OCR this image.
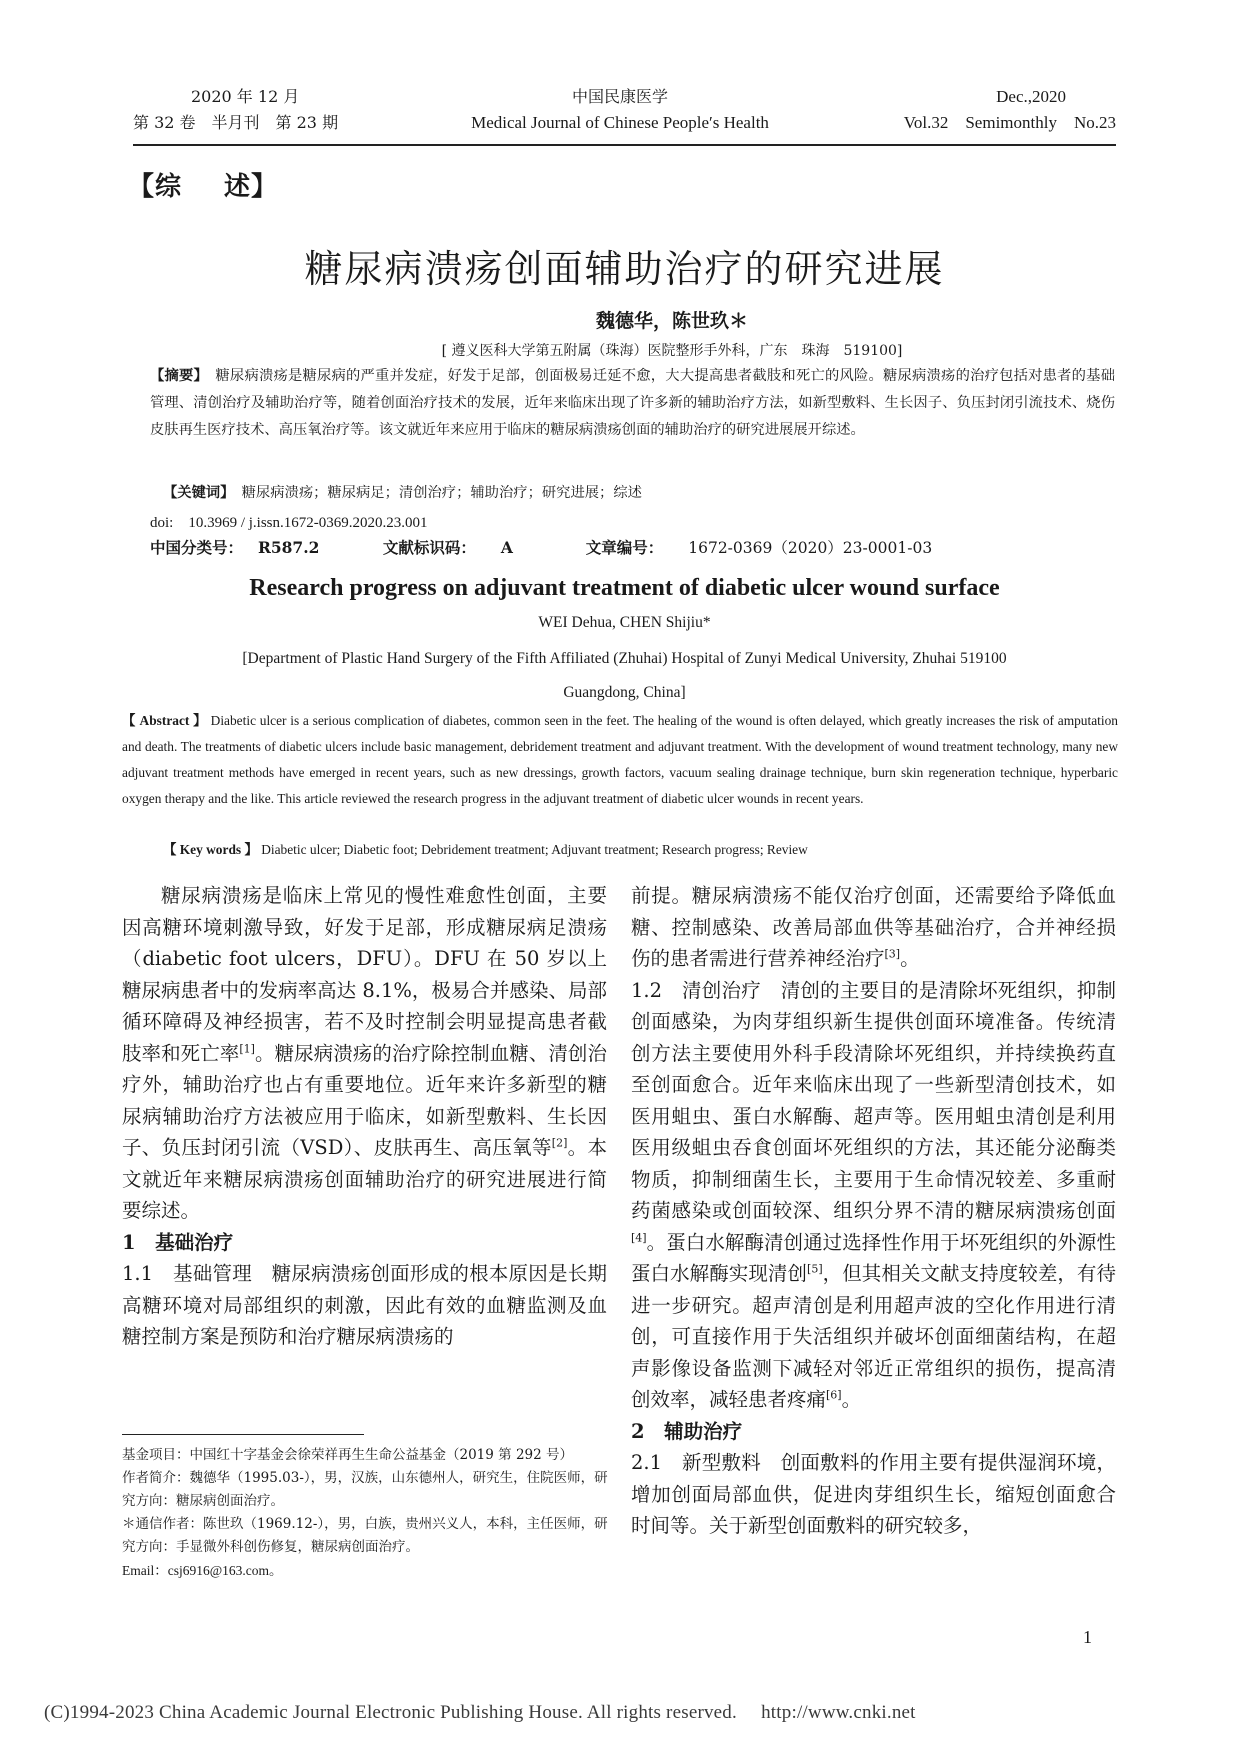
2020 年 12 月
第 32 卷　半月刊　第 23 期
中国民康医学
Medical Journal of Chinese People′s Health
Dec.,2020
Vol.32　Semimonthly　No.23
【综 述】
糖尿病溃疡创面辅助治疗的研究进展
魏德华，陈世玖＊
[ 遵义医科大学第五附属（珠海）医院整形手外科，广东　珠海　519100]
【摘要】　糖尿病溃疡是糖尿病的严重并发症，好发于足部，创面极易迁延不愈，大大提高患者截肢和死亡的风险。糖尿病溃疡的治疗包括对患者的基础管理、清创治疗及辅助治疗等，随着创面治疗技术的发展，近年来临床出现了许多新的辅助治疗方法，如新型敷料、生长因子、负压封闭引流技术、烧伤皮肤再生医疗技术、高压氧治疗等。该文就近年来应用于临床的糖尿病溃疡创面的辅助治疗的研究进展展开综述。
【关键词】　糖尿病溃疡；糖尿病足；清创治疗；辅助治疗；研究进展；综述
doi:　10.3969 / j.issn.1672-0369.2020.23.001
中国分类号： R587.2	文献标识码： A	文章编号： 1672-0369（2020）23-0001-03
Research progress on adjuvant treatment of diabetic ulcer wound surface
WEI Dehua, CHEN Shijiu*
[Department of Plastic Hand Surgery of the Fifth Affiliated (Zhuhai) Hospital of Zunyi Medical University, Zhuhai 519100
Guangdong, China]
【 Abstract 】 Diabetic ulcer is a serious complication of diabetes, common seen in the feet. The healing of the wound is often delayed, which greatly increases the risk of amputation and death. The treatments of diabetic ulcers include basic management, debridement treatment and adjuvant treatment. With the development of wound treatment technology, many new adjuvant treatment methods have emerged in recent years, such as new dressings, growth factors, vacuum sealing drainage technique, burn skin regeneration technique, hyperbaric oxygen therapy and the like. This article reviewed the research progress in the adjuvant treatment of diabetic ulcer wounds in recent years.
【 Key words 】 Diabetic ulcer; Diabetic foot; Debridement treatment; Adjuvant treatment; Research progress; Review

糖尿病溃疡是临床上常见的慢性难愈性创面，主要因高糖环境刺激导致，好发于足部，形成糖尿病足溃疡（diabetic foot ulcers，DFU）。DFU 在 50 岁以上糖尿病患者中的发病率高达 8.1%，极易合并感染、局部循环障碍及神经损害，若不及时控制会明显提高患者截肢率和死亡率[1]。糖尿病溃疡的治疗除控制血糖、清创治疗外，辅助治疗也占有重要地位。近年来许多新型的糖尿病辅助治疗方法被应用于临床，如新型敷料、生长因子、负压封闭引流（VSD）、皮肤再生、高压氧等[2]。本文就近年来糖尿病溃疡创面辅助治疗的研究进展进行简要综述。

1　基础治疗

1.1　基础管理　糖尿病溃疡创面形成的根本原因是长期高糖环境对局部组织的刺激，因此有效的血糖监测及血糖控制方案是预防和治疗糖尿病溃疡的

前提。糖尿病溃疡不能仅治疗创面，还需要给予降低血糖、控制感染、改善局部血供等基础治疗，合并神经损伤的患者需进行营养神经治疗[3]。

1.2　清创治疗　清创的主要目的是清除坏死组织，抑制创面感染，为肉芽组织新生提供创面环境准备。传统清创方法主要使用外科手段清除坏死组织，并持续换药直至创面愈合。近年来临床出现了一些新型清创技术，如医用蛆虫、蛋白水解酶、超声等。医用蛆虫清创是利用医用级蛆虫吞食创面坏死组织的方法，其还能分泌酶类物质，抑制细菌生长，主要用于生命情况较差、多重耐药菌感染或创面较深、组织分界不清的糖尿病溃疡创面[4]。蛋白水解酶清创通过选择性作用于坏死组织的外源性蛋白水解酶实现清创[5]，但其相关文献支持度较差，有待进一步研究。超声清创是利用超声波的空化作用进行清创，可直接作用于失活组织并破坏创面细菌结构，在超声影像设备监测下减轻对邻近正常组织的损伤，提高清创效率，减轻患者疼痛[6]。

2　辅助治疗

2.1　新型敷料　创面敷料的作用主要有提供湿润环境，增加创面局部血供，促进肉芽组织生长，缩短创面愈合时间等。关于新型创面敷料的研究较多，

基金项目：中国红十字基金会徐荣祥再生生命公益基金（2019 第 292 号）

作者简介：魏德华（1995.03-），男，汉族，山东德州人，研究生，住院医师，研究方向：糖尿病创面治疗。

＊通信作者：陈世玖（1969.12-），男，白族，贵州兴义人，本科，主任医师，研究方向：手显微外科创伤修复，糖尿病创面治疗。

Email：csj6916@163.com。

1
(C)1994-2023 China Academic Journal Electronic Publishing House. All rights reserved.　 http://www.cnki.net
